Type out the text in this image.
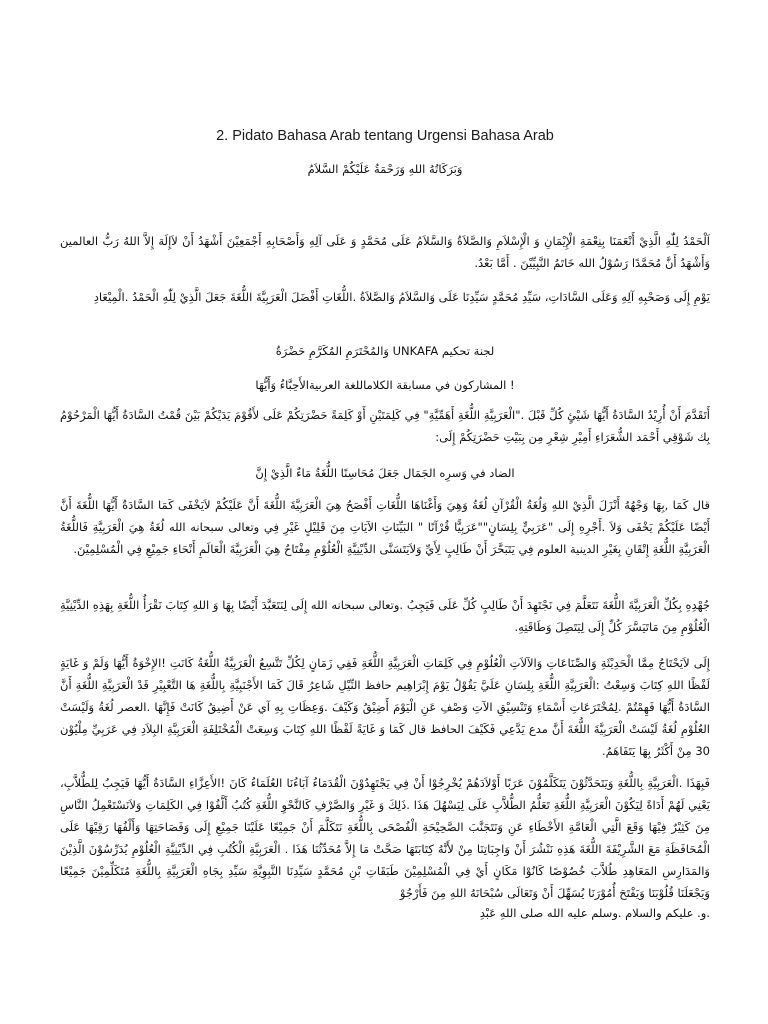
2. Pidato Bahasa Arab tentang Urgensi Bahasa Arab
وَبَرَكَاتُهُ اللهِ وَرَحْمَةُ عَلَيْكُمْ السَّلاَمُ
اَلْحَمْدُ لِلّٰهِ الَّذِيْ أَنْعَمَنَا بِنِعْمَةِ الْإِيْمَانِ وَ الْإِسْلاَمِ وَالصَّلاَةُ وَالسَّلاَمُ عَلَى مُحَمَّدٍ وَ عَلَى آلِهِ وَأَصْحَابِهِ أَجْمَعِيْنَ أَشْهَدُ أَنْ لاَإِلَهَ إِلاَّ اللهُ رَبُّ العالمين وَأَشْهَدُ أَنَّ مُحَمَّدًا رَسُوْلُ الله خَاتَمُ النَّبِيِّيْنَ . أَمَّا بَعْدُ.
يَوْمِ إِلَى وَصَحْبِهِ آلِهِ وَعَلَى السَّادَاتِ، سَيِّدِ مُحَمَّدٍ سَيِّدِنَا عَلَى وَالسَّلاَمُ وَالصَّلاَةُ .اللُّغَاتِ أَفْضَلَ الْعَرَبِيَّةَ اللُّغَةَ جَعَلَ الَّذِيْ لِلّٰهِ الْحَمْدُ .الْمِيْعَادِ
لجنة تحكيم UNKAFA وَالمُحْتَرَمِ المُكَرَّمِ حَضْرَةُ
! المشاركون في مسابقة الكلاماللغة العربيةالأَحِبَّاءُ وَأَيُّهَا
أَتَقَدَّمَ أَنْ أُرِيْدُ السَّادَةُ أَيُّهَا شَيْئٍ كُلِّ قَبْلَ ."الْعَرَبِيَّةِ اللُّغَةِ أَهَمِّيَّةِ" فِي كَلِمَتَيْنِ أَوْ كَلِمَةً حَضْرَتِكُمْ عَلَى لأَقُوْمَ يَدَيْكُمْ بَيْنَ قُمْتُ السَّادَةُ أَيُّهَا الْمَرْحُوْمُ بِك شَوْقِي أَحْمَد الشُّعَرَاءِ أَمِيْرِ شِعْرِ مِن بِبَيْتِ حَضْرَتِكُمْ إِلَى:
الضاد في وَسرِه الجَمَال جَعَلَ مُحَاسِنًا اللُّغَةُ مَاءٌ الَّذِيْ إِنَّ
قال كَمَا ,بِهَا وَجْهُهُ أَنْزَلَ الَّذِيْ اللهِ وَلُغَةُ الْقُرْآنِ لُغَةُ وَهِيَ وَأَغْنَاهَا اللُّغَاتِ أَفْصَحُ هِيَ الْعَرَبِيَّةَ اللُّغَةَ أَنَّ عَلَيْكُمْ لاَيَخْفَى كَمَا السَّادَةُ أَيُّهَا اللُّغَةَ أَنَّ أَيْضًا عَلَيْكُمْ يَخْفَى وَلاَ .أَجْرِهِ إِلَى "عَرَبِيٍّ بِلِسَانٍ""عَرَبِيًّا قُرْآنًا " البَيِّنَاتِ الآيَاتِ مِنَ قَلِيْلٍ غَيْرِ فِي وتعالى سبحانه الله لُغَةُ هِيَ الْعَرَبِيَّةِ فَاللُّغَةُ الْعَرَبِيَّةِ اللُّغَةِ إِتْقَانِ بِغَيْرِ الدينية العلوم فِي يَتَبَحَّرَ أَنْ طَالِبٍ لِأَيِّ وَلاَيَتَسَنَّى الدِّيْنِيَّةِ الْعُلُوْمِ مِفْتَاحُ هِيَ الْعَرَبِيَّةَ الْعَالَمِ أَنْحَاءِ جَمِيْعِ فِي الْمُسْلِمِيْنَ.
جُهْدِهِ بِكُلِّ الْعَرَبِيَّةَ اللُّغَةَ نَتَعَلَّمَ فِي نَجْتَهِدَ أَنْ طَالِبٍ كُلِّ عَلَى فَيَجِبُ .وتعالى سبحانه الله إِلَى لِنَتَعَبَّدَ أَيْضًا بِهَا وَ اللهِ كِتَابَ نَقْرَأُ اللُّغَةِ بِهَذِهِ الدِّيْنِيَّةِ الْعُلُوْمِ مِنَ مَاتَيَسَّرَ كُلِّ إِلَى لِيَتَصِلَ وَطَاقَتِهِ.
إِلَى لاَيَحْتَاجُ مِمَّا الْحَدِيْثَةِ وَالصِّنَاعَاتِ وَالآلاَتِ الْعُلُوْمِ فِي كَلِمَاتِ الْعَرَبِيَّةِ اللُّغَةِ فَفِي زَمَانٍ لِكُلِّ تَتَّسِعُ الْعَرَبِيَّةُ اللُّغَةُ كَانَتِ !الإِخْوَةُ أَيُّهَا وَلَمْ وَ غَايَةٍ لَفْظًا اللهِ كِتَابَ وَسِعْتُ :الْعَرَبِيَّةِ اللُّغَةِ بِلِسَانِ عَلَيَّ يَقُوْلُ يَوْمَ إِبْرَاهِيم حافظ النِّيْلِ شَاعِرُ قَالَ كَمَا الأَجْنَبِيَّةِ بِاللُّغَةِ هَا التَّعْبِيْرِ قَدْ الْعَرَبِيَّةِ اللُّغَةِ أَنَّ السَّادَةُ أَيُّهَا فَهِمْتُمْ .لِمُخْتَرَعَاتِ أَسْمَاءِ وَتَنْسِيْقِ الآتِ وَصْفِ عَنِ الْيَوْمَ أَضِيْقُ وَكَيْفَ .وَعِظَاتِ بِهِ آي عَنْ أَضِيقُ كَانَتْ فَإِنَّهَا .العصر لُغَةُ وَلَيْسَتْ العُلُوْمِ لُغَةُ لَيْسَتْ الْعَرَبِيَّةَ اللُّغَةَ أَنَّ مدع يَدَّعِي فَكَيْفَ الحافظ قال كَمَا وَ غَايَةً لَفْظًا اللهِ كِتَابَ وَسِعَتْ الْمُخْتَلِفَةِ الْعَرَبِيَّةِ البِلاَدِ فِي عَرَبِيِّ مِلْيُوْن 30 مِنْ أَكْثَرُ بِهَا يَتَفَاهَمُ.
فَبِهَذَا .الْعَرَبِيَّةِ بِاللُّغَةِ وَيَتَحَدَّثُوْنَ يَتَكَلَّمُوْنَ عَرَبًا أَوْلاَدَهُمْ يُخْرِجُوْا أَنْ فِي يَجْتَهِدُوْنَ الْقُدَمَاءُ آبَاءُنَا العُلَمَاءُ كَانَ !الأَعِزَّاءِ السَّادَةُ أَيُّهَا فَيَجِبُ لِلطُّلاَّبِ، يَعْنِي لَهُمْ أَدَاةً لِيَكُوْنَ الْعَرَبِيَّةِ اللُّغَةِ تَعَلُّمُ الطُّلاَّبِ عَلَى لِيَسْهُلَ هَذَا .ذَلِكَ وَ غَيْرِ وَالصَّرْفِ كَالنَّحْوِ اللُّغَةِ كُتُبُ أَلَّفُوْا فِي الكَلِمَاتِ وَلاَنَسْتَعْمِلُ النَّاسِ مِنَ كَثِيْرٌ فِيْهَا وَقَعَ الَّتِي الْعَامَّةِ الأَخْطَاءِ عَنِ وَنَتَجَنَّبَ الصَّحِيْحَةِ الْفُصْحَى بِاللُّغَةِ نَتَكَلَّمَ أَنْ جَمِيْعًا عَلَيْنَا جَمِيْعِ إِلَى وَفَصَاحَتِهَا وَأَلْفُهَا رَقِيْهَا عَلَى الْمُحَافَظَةِ مَعَ الشَّرِيْفَةَ اللُّغَةَ هَذِهِ نَنْشُرَ أَنْ وَاجِبَاتِنَا مِنْ لأَنَّهُ كِتَابَتَهَا صَحَّتْ مَا إِلاَّ مُحَدِّثُنَا هَذَا . الْعَرَبِيَّةِ الْكُتُبِ فِي الدِّيْنِيَّةِ الْعُلُوْمِ يُدَرِّسُوْنَ الَّذِيْنَ وَالمَدَارِسِ المَعَاهِدِ طُلاَّبَ خُصُوْصًا كَانُوْا مَكَانٍ أَيْ فِي الْمُسْلِمِيْنَ طَبَقَاتِ بْنِ مُحَمَّدٍ سَيِّدِنَا النَّبِوِيَّةِ سَيِّدِ بِجَاهِ الْعَرَبِيَّةِ بِاللُّغَةِ مُتَكَلِّمِيْنَ جَمِيْعًا وَيَجْعَلَنَا قُلُوْبَنَا وَيَفْتَحَ أُمُوْرَنَا يُسَهِّلَ أَنْ وَتَعَالَى سُبْحَانَهُ اللهِ مِنَ فَأَرْجُوْ
.و. عليكم والسلام .وسلم عليه الله صلى اللهِ عَبْدِ
